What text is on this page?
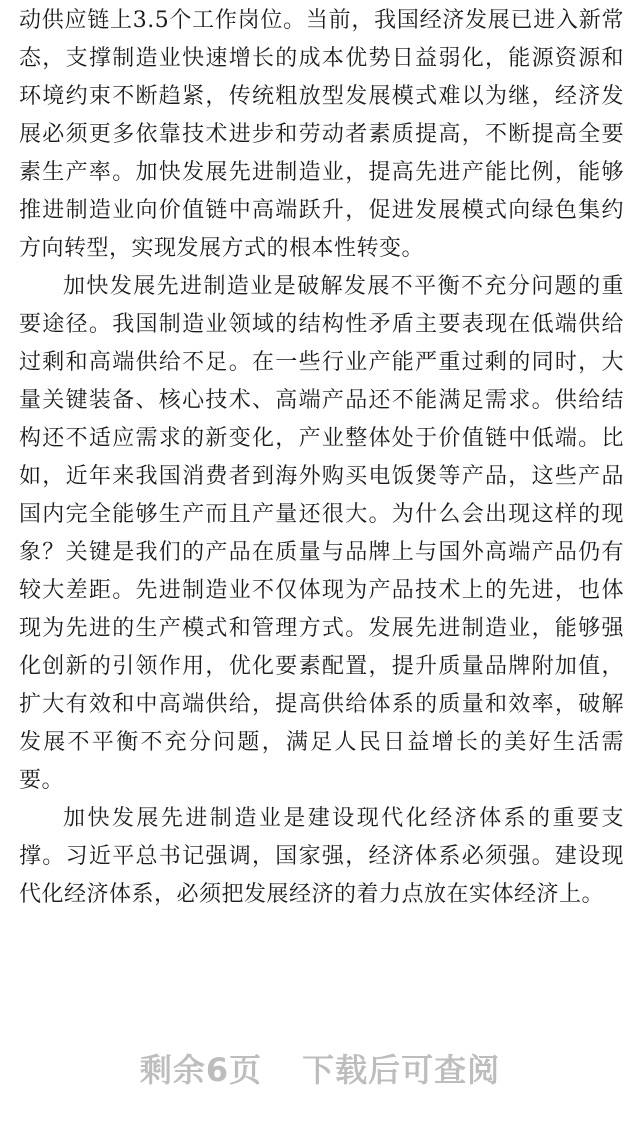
动供应链上3.5个工作岗位。当前，我国经济发展已进入新常态，支撑制造业快速增长的成本优势日益弱化，能源资源和环境约束不断趋紧，传统粗放型发展模式难以为继，经济发展必须更多依靠技术进步和劳动者素质提高，不断提高全要素生产率。加快发展先进制造业，提高先进产能比例，能够推进制造业向价值链中高端跃升，促进发展模式向绿色集约方向转型，实现发展方式的根本性转变。

加快发展先进制造业是破解发展不平衡不充分问题的重要途径。我国制造业领域的结构性矛盾主要表现在低端供给过剩和高端供给不足。在一些行业产能严重过剩的同时，大量关键装备、核心技术、高端产品还不能满足需求。供给结构还不适应需求的新变化，产业整体处于价值链中低端。比如，近年来我国消费者到海外购买电饭煲等产品，这些产品国内完全能够生产而且产量还很大。为什么会出现这样的现象？关键是我们的产品在质量与品牌上与国外高端产品仍有较大差距。先进制造业不仅体现为产品技术上的先进，也体现为先进的生产模式和管理方式。发展先进制造业，能够强化创新的引领作用，优化要素配置，提升质量品牌附加值，扩大有效和中高端供给，提高供给体系的质量和效率，破解发展不平衡不充分问题，满足人民日益增长的美好生活需要。

加快发展先进制造业是建设现代化经济体系的重要支撑。习近平总书记强调，国家强，经济体系必须强。建设现代化经济体系，必须把发展经济的着力点放在实体经济上。

剩余6页 下载后可查阅
